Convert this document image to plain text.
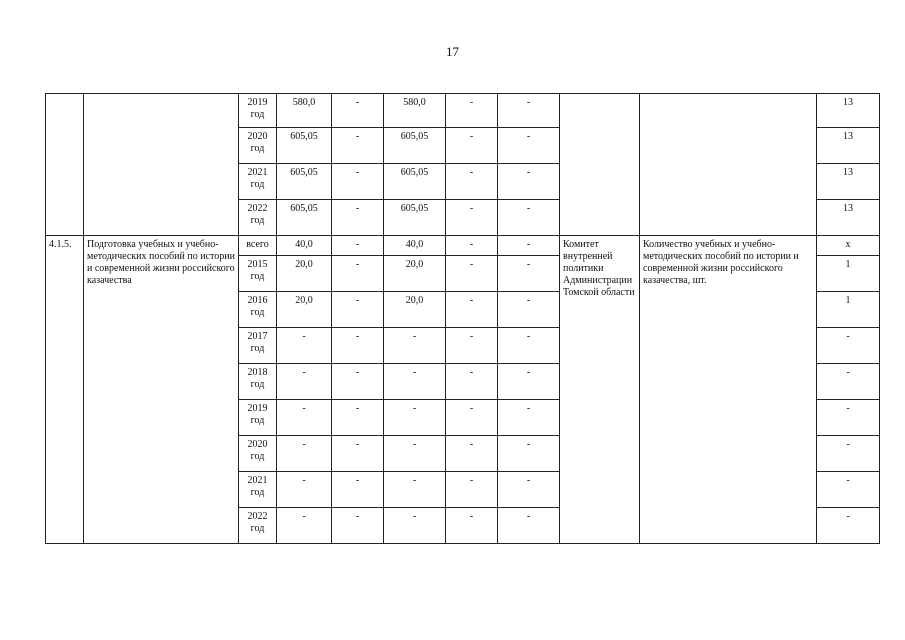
17
		2019 год	580,0	-	580,0	-	-			13
		2020 год	605,05	-	605,05	-	-			13
		2021 год	605,05	-	605,05	-	-			13
		2022 год	605,05	-	605,05	-	-			13
4.1.5.	Подготовка учебных и учебно-методических пособий по истории и современной жизни российского казачества	всего	40,0	-	40,0	-	-	Комитет внутренней политики Администрации Томской области	Количество учебных и учебно-методических пособий по истории и современной жизни российского казачества, шт.	x
		2015 год	20,0	-	20,0	-	-			1
		2016 год	20,0	-	20,0	-	-			1
		2017 год	-	-	-	-	-			-
		2018 год	-	-	-	-	-			-
		2019 год	-	-	-	-	-			-
		2020 год	-	-	-	-	-			-
		2021 год	-	-	-	-	-			-
		2022 год	-	-	-	-	-			-
